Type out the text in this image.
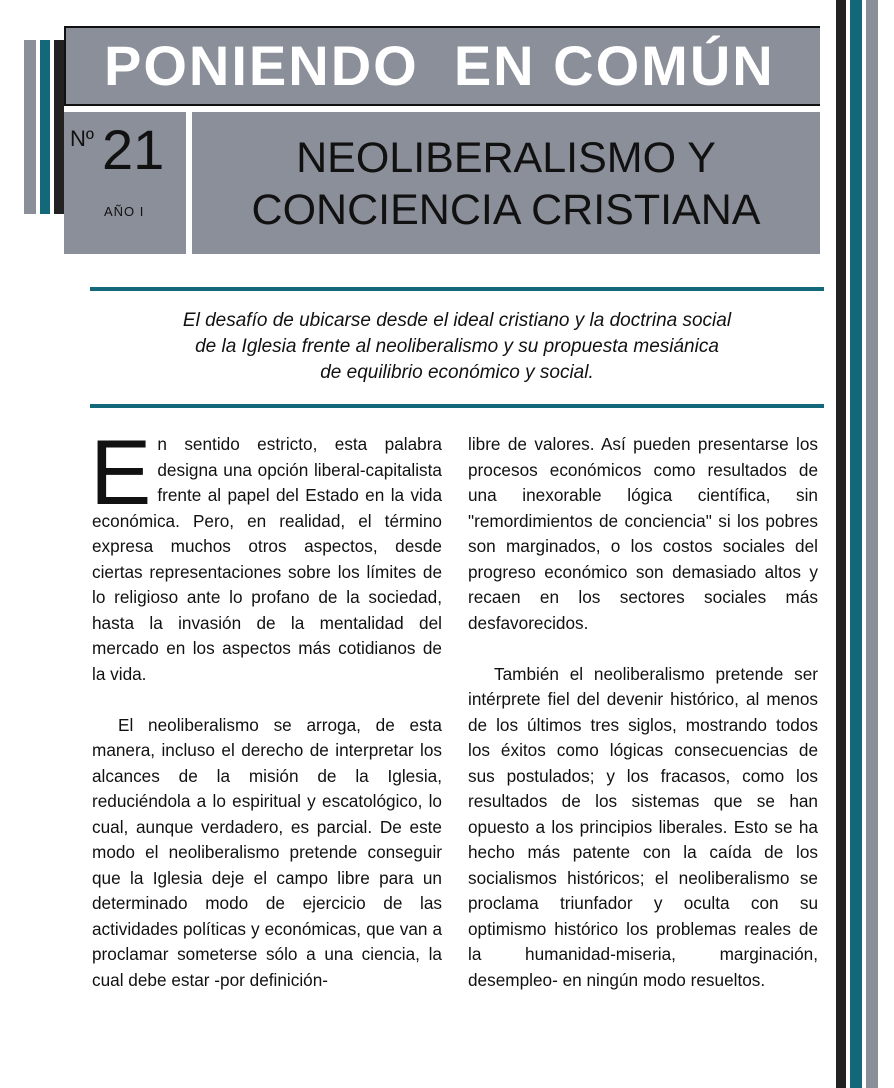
PONIENDO  EN COMÚN
Nº 21
AÑO I
NEOLIBERALISMO Y
CONCIENCIA CRISTIANA
El desafío de ubicarse desde el ideal cristiano y la doctrina social
de la Iglesia frente al neoliberalismo y su propuesta mesiánica
de equilibrio económico y social.

En sentido estricto, esta palabra designa una opción liberal-capitalista frente al papel del Estado en la vida económica. Pero, en realidad, el término expresa muchos otros aspectos, desde ciertas representaciones sobre los límites de lo religioso ante lo profano de la sociedad, hasta la invasión de la mentalidad del mercado en los aspectos más cotidianos de la vida.

El neoliberalismo se arroga, de esta manera, incluso el derecho de interpretar los alcances de la misión de la Iglesia, reduciéndola a lo espiritual y escatológico, lo cual, aunque verdadero, es parcial. De este modo el neoliberalismo pretende conseguir que la Iglesia deje el campo libre para un determinado modo de ejercicio de las actividades políticas y económicas, que van a proclamar someterse sólo a una ciencia, la cual debe estar -por definición-

libre de valores. Así pueden presentarse los procesos económicos como resultados de una inexorable lógica científica, sin "remordimientos de conciencia" si los pobres son marginados, o los costos sociales del progreso económico son demasiado altos y recaen en los sectores sociales más desfavorecidos.

También el neoliberalismo pretende ser intérprete fiel del devenir histórico, al menos de los últimos tres siglos, mostrando todos los éxitos como lógicas consecuencias de sus postulados; y los fracasos, como los resultados de los sistemas que se han opuesto a los principios liberales. Esto se ha hecho más patente con la caída de los socialismos históricos; el neoliberalismo se proclama triunfador y oculta con su optimismo histórico los problemas reales de la humanidad-miseria, marginación, desempleo- en ningún modo resueltos.
